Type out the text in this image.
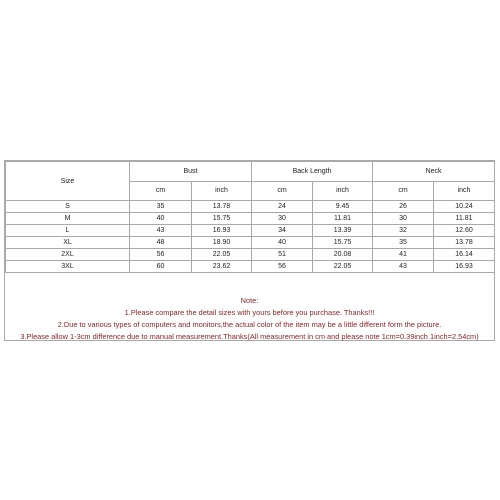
Size	Bust		Back Length		Neck	
	cm	inch	cm	inch	cm	inch
S	35	13.78	24	9.45	26	10.24
M	40	15.75	30	11.81	30	11.81
L	43	16.93	34	13.39	32	12.60
XL	48	18.90	40	15.75	35	13.78
2XL	56	22.05	51	20.08	41	16.14
3XL	60	23.62	56	22.05	43	16.93
Note:
1.Please compare the detail sizes with yours before you purchase. Thanks!!!
2.Due to various types of computers and monitors,the actual color of the item may be a little different form the picture.
3.Please allow 1-3cm difference due to manual measurement.Thanks(All measurement in cm and please note 1cm=0.39inch 1inch=2.54cm)
